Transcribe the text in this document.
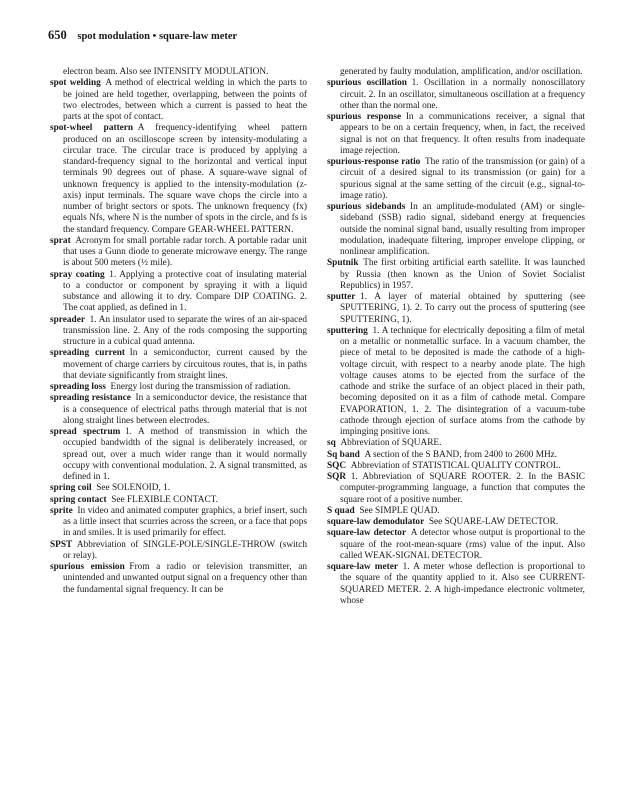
650 spot modulation • square-law meter

electron beam. Also see INTENSITY MODULATION.

spot welding  A method of electrical welding in which the parts to be joined are held together, overlapping, between the points of two electrodes, between which a current is passed to heat the parts at the spot of contact.

spot-wheel pattern  A frequency-identifying wheel pattern produced on an oscilloscope screen by intensity-modulating a circular trace. The circular trace is produced by applying a standard-frequency signal to the horizontal and vertical input terminals 90 degrees out of phase. A square-wave signal of unknown frequency is applied to the intensity-modulation (z-axis) input terminals. The square wave chops the circle into a number of bright sectors or spots. The unknown frequency (fx) equals Nfs, where N is the number of spots in the circle, and fs is the standard frequency. Compare GEAR-WHEEL PATTERN.

sprat  Acronym for small portable radar torch. A portable radar unit that uses a Gunn diode to generate microwave energy. The range is about 500 meters (½ mile).

spray coating  1. Applying a protective coat of insulating material to a conductor or component by spraying it with a liquid substance and allowing it to dry. Compare DIP COATING. 2. The coat applied, as defined in 1.

spreader  1. An insulator used to separate the wires of an air-spaced transmission line. 2. Any of the rods composing the supporting structure in a cubical quad antenna.

spreading current  In a semiconductor, current caused by the movement of charge carriers by circuitous routes, that is, in paths that deviate significantly from straight lines.

spreading loss  Energy lost during the transmission of radiation.

spreading resistance  In a semiconductor device, the resistance that is a consequence of electrical paths through material that is not along straight lines between electrodes.

spread spectrum  1. A method of transmission in which the occupied bandwidth of the signal is deliberately increased, or spread out, over a much wider range than it would normally occupy with conventional modulation. 2. A signal transmitted, as defined in 1.

spring coil  See SOLENOID, 1.

spring contact  See FLEXIBLE CONTACT.

sprite  In video and animated computer graphics, a brief insert, such as a little insect that scurries across the screen, or a face that pops in and smiles. It is used primarily for effect.

SPST  Abbreviation of SINGLE-POLE/SINGLE-THROW (switch or relay).

spurious emission  From a radio or television transmitter, an unintended and unwanted output signal on a frequency other than the fundamental signal frequency. It can be

generated by faulty modulation, amplification, and/or oscillation.

spurious oscillation  1. Oscillation in a normally nonoscillatory circuit. 2. In an oscillator, simultaneous oscillation at a frequency other than the normal one.

spurious response  In a communications receiver, a signal that appears to be on a certain frequency, when, in fact, the received signal is not on that frequency. It often results from inadequate image rejection.

spurious-response ratio  The ratio of the transmission (or gain) of a circuit of a desired signal to its transmission (or gain) for a spurious signal at the same setting of the circuit (e.g., signal-to-image ratio).

spurious sidebands  In an amplitude-modulated (AM) or single-sideband (SSB) radio signal, sideband energy at frequencies outside the nominal signal band, usually resulting from improper modulation, inadequate filtering, improper envelope clipping, or nonlinear amplification.

Sputnik  The first orbiting artificial earth satellite. It was launched by Russia (then known as the Union of Soviet Socialist Republics) in 1957.

sputter  1. A layer of material obtained by sputtering (see SPUTTERING, 1). 2. To carry out the process of sputtering (see SPUTTERING, 1).

sputtering  1. A technique for electrically depositing a film of metal on a metallic or nonmetallic surface. In a vacuum chamber, the piece of metal to be deposited is made the cathode of a high-voltage circuit, with respect to a nearby anode plate. The high voltage causes atoms to be ejected from the surface of the cathode and strike the surface of an object placed in their path, becoming deposited on it as a film of cathode metal. Compare EVAPORATION, 1. 2. The disintegration of a vacuum-tube cathode through ejection of surface atoms from the cathode by impinging positive ions.

sq  Abbreviation of SQUARE.

Sq band  A section of the S BAND, from 2400 to 2600 MHz.

SQC  Abbreviation of STATISTICAL QUALITY CONTROL.

SQR  1. Abbreviation of SQUARE ROOTER. 2. In the BASIC computer-programming language, a function that computes the square root of a positive number.

S quad  See SIMPLE QUAD.

square-law demodulator  See SQUARE-LAW DETECTOR.

square-law detector  A detector whose output is proportional to the square of the root-mean-square (rms) value of the input. Also called WEAK-SIGNAL DETECTOR.

square-law meter  1. A meter whose deflection is proportional to the square of the quantity applied to it. Also see CURRENT-SQUARED METER. 2. A high-impedance electronic voltmeter, whose
